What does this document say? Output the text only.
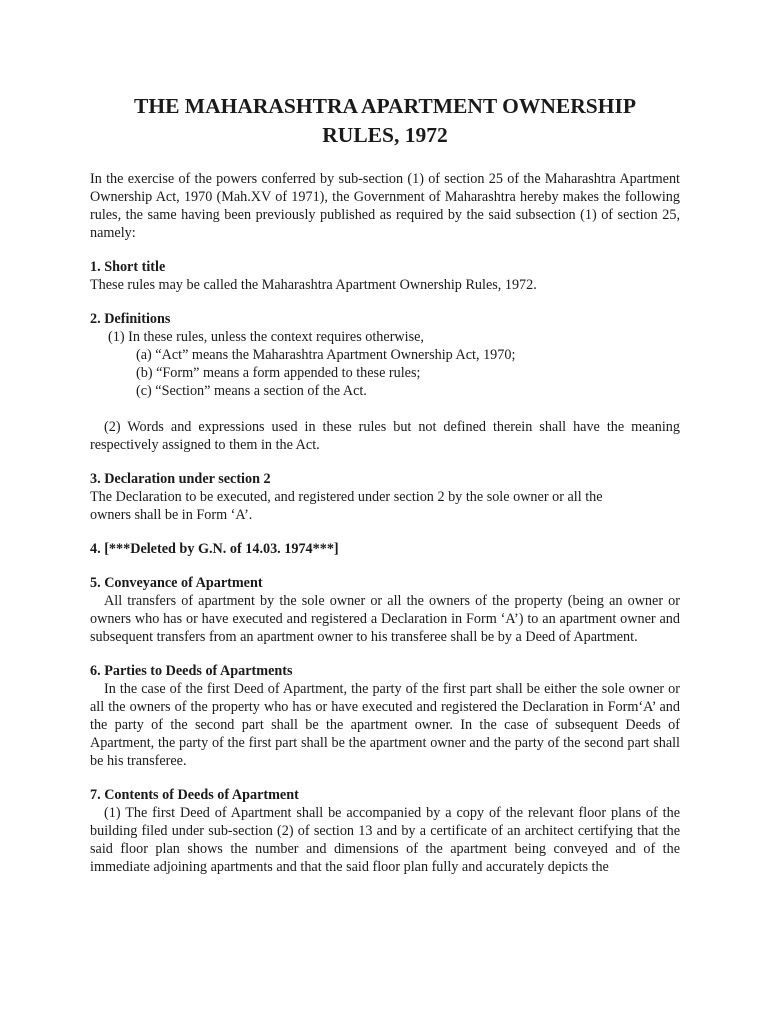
THE MAHARASHTRA APARTMENT OWNERSHIP
RULES, 1972

In the exercise of the powers conferred by sub-section (1) of section 25 of the Maharashtra Apartment Ownership Act, 1970 (Mah.XV of 1971), the Government of Maharashtra hereby makes the following rules, the same having been previously published as required by the said subsection (1) of section 25, namely:

1. Short title

These rules may be called the Maharashtra Apartment Ownership Rules, 1972.

2. Definitions

(1) In these rules, unless the context requires otherwise,

(a) “Act” means the Maharashtra Apartment Ownership Act, 1970;

(b) “Form” means a form appended to these rules;

(c) “Section” means a section of the Act.

(2) Words and expressions used in these rules but not defined therein shall have the meaning respectively assigned to them in the Act.

3. Declaration under section 2

The Declaration to be executed, and registered under section 2 by the sole owner or all the owners shall be in Form ‘A’.

4. [***Deleted by G.N. of 14.03. 1974***]
5. Conveyance of Apartment

All transfers of apartment by the sole owner or all the owners of the property (being an owner or owners who has or have executed and registered a Declaration in Form ‘A’) to an apartment owner and subsequent transfers from an apartment owner to his transferee shall be by a Deed of Apartment.

6. Parties to Deeds of Apartments

In the case of the first Deed of Apartment, the party of the first part shall be either the sole owner or all the owners of the property who has or have executed and registered the Declaration in Form‘A’ and the party of the second part shall be the apartment owner. In the case of subsequent Deeds of Apartment, the party of the first part shall be the apartment owner and the party of the second part shall be his transferee.

7. Contents of Deeds of Apartment

(1) The first Deed of Apartment shall be accompanied by a copy of the relevant floor plans of the building filed under sub-section (2) of section 13 and by a certificate of an architect certifying that the said floor plan shows the number and dimensions of the apartment being conveyed and of the immediate adjoining apartments and that the said floor plan fully and accurately depicts the
